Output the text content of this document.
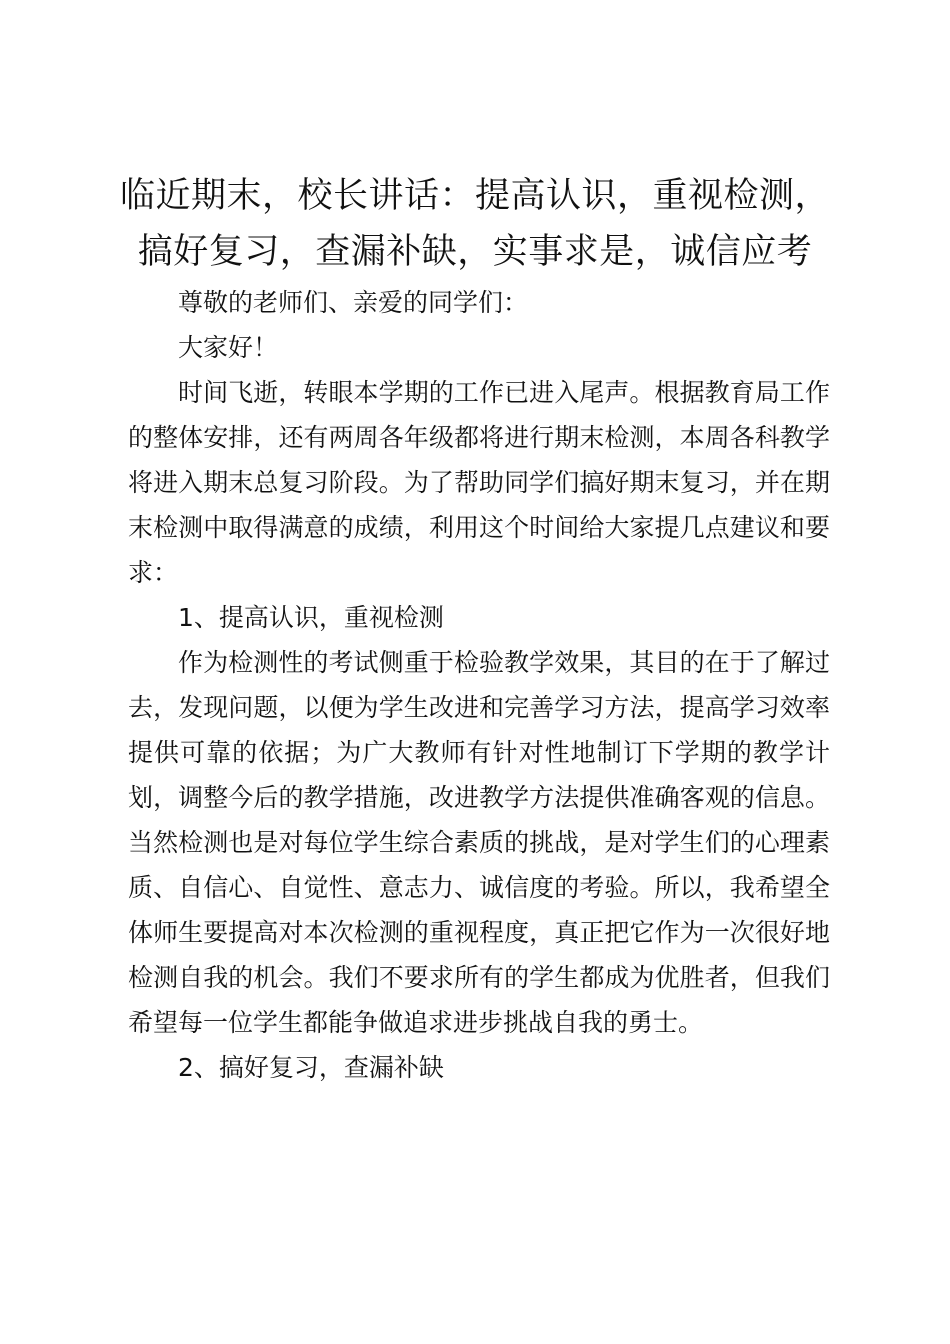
临近期末，校长讲话：提高认识，重视检测，搞好复习，查漏补缺，实事求是，诚信应考

尊敬的老师们、亲爱的同学们：

大家好！

时间飞逝，转眼本学期的工作已进入尾声。根据教育局工作的整体安排，还有两周各年级都将进行期末检测，本周各科教学将进入期末总复习阶段。为了帮助同学们搞好期末复习，并在期末检测中取得满意的成绩，利用这个时间给大家提几点建议和要求：

1、提高认识，重视检测

作为检测性的考试侧重于检验教学效果，其目的在于了解过去，发现问题，以便为学生改进和完善学习方法，提高学习效率提供可靠的依据；为广大教师有针对性地制订下学期的教学计划，调整今后的教学措施，改进教学方法提供准确客观的信息。当然检测也是对每位学生综合素质的挑战，是对学生们的心理素质、自信心、自觉性、意志力、诚信度的考验。所以，我希望全体师生要提高对本次检测的重视程度，真正把它作为一次很好地检测自我的机会。我们不要求所有的学生都成为优胜者，但我们希望每一位学生都能争做追求进步挑战自我的勇士。

2、搞好复习，查漏补缺
